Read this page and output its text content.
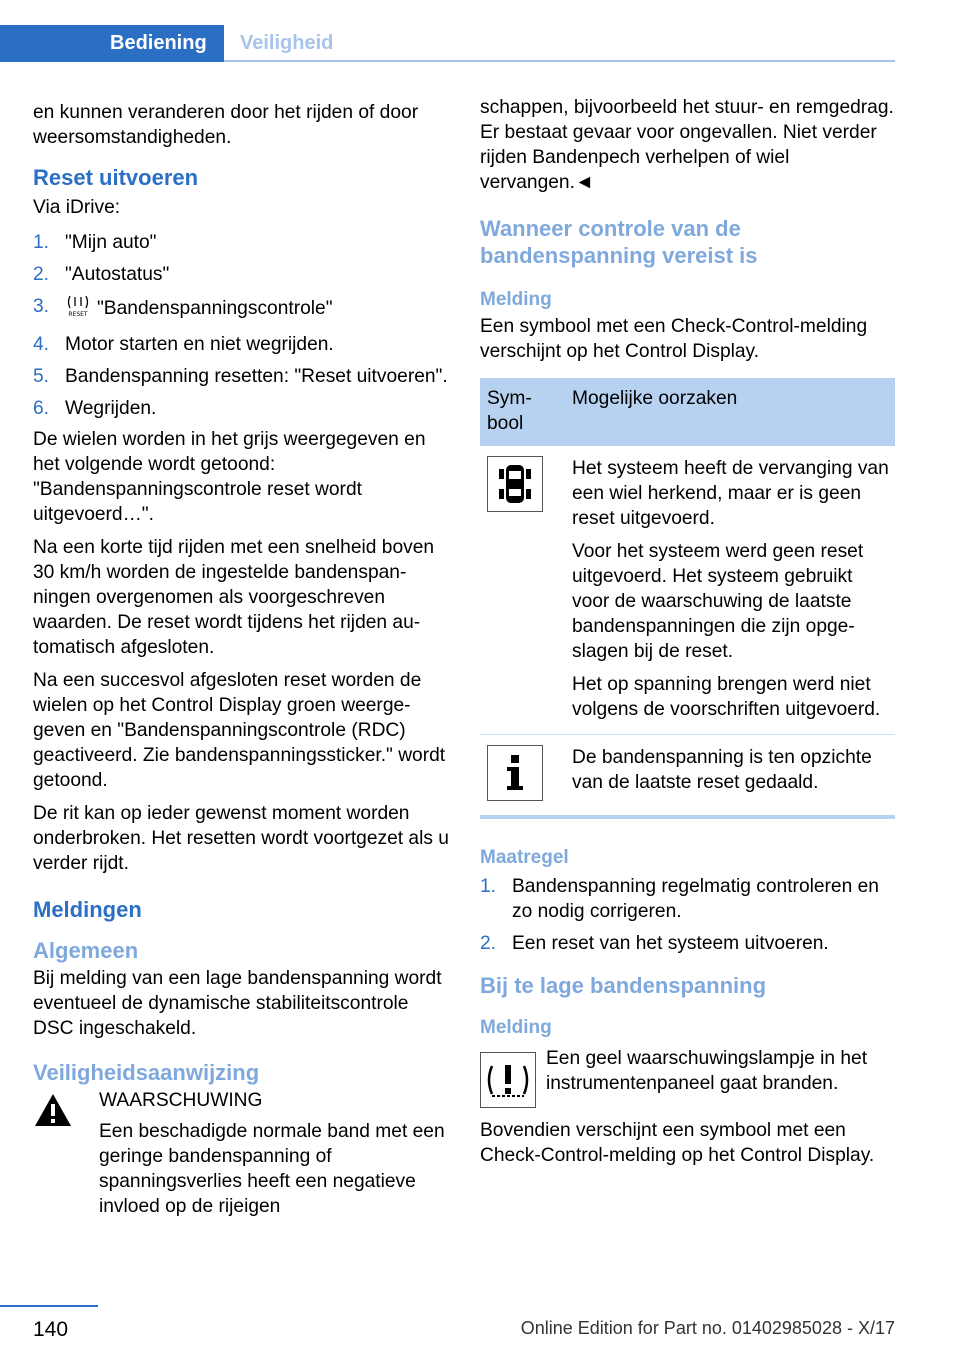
Bediening	Veiligheid

en kunnen veranderen door het rijden of door weersomstandigheden.

Reset uitvoeren

Via iDrive:

1. "Mijn auto"
2. "Autostatus"
3.	RESET "Bandenspanningscontrole"
4. Motor starten en niet wegrijden.
5. Bandenspanning resetten: "Reset uitvoeren".
6. Wegrijden.

De wielen worden in het grijs weergegeven en het volgende wordt getoond: "Bandenspanningscontrole reset wordt uitgevoerd…".

Na een korte tijd rijden met een snelheid boven 30 km/h worden de ingestelde bandenspanningen overgenomen als voorgeschreven waarden. De reset wordt tijdens het rijden automatisch afgesloten.

Na een succesvol afgesloten reset worden de wielen op het Control Display groen weergegeven en "Bandenspanningscontrole (RDC) geactiveerd. Zie bandenspanningssticker." wordt getoond.

De rit kan op ieder gewenst moment worden onderbroken. Het resetten wordt voortgezet als u verder rijdt.

Meldingen
Algemeen

Bij melding van een lage bandenspanning wordt eventueel de dynamische stabiliteitscontrole DSC ingeschakeld.

Veiligheidsaanwijzing
WAARSCHUWING
Een beschadigde normale band met een geringe bandenspanning of spanningsverlies heeft een negatieve invloed op de rijeigen

schappen, bijvoorbeeld het stuur- en remgedrag. Er bestaat gevaar voor ongevallen. Niet verder rijden Bandenpech verhelpen of wiel vervangen.◄

Wanneer controle van de bandenspanning vereist is
Melding

Een symbool met een Check-Control-melding verschijnt op het Control Display.

Symbool	Mogelijke oorzaken

Het systeem heeft de vervanging van een wiel herkend, maar er is geen reset uitgevoerd.

Voor het systeem werd geen reset uitgevoerd. Het systeem gebruikt voor de waarschuwing de laatste bandenspanningen die zijn opgeslagen bij de reset.

Het op spanning brengen werd niet volgens de voorschriften uitgevoerd.

De bandenspanning is ten opzichte van de laatste reset gedaald.

Maatregel
1. Bandenspanning regelmatig controleren en zo nodig corrigeren.
2. Een reset van het systeem uitvoeren.
Bij te lage bandenspanning
Melding

Een geel waarschuwingslampje in het instrumentenpaneel gaat branden.

Bovendien verschijnt een symbool met een Check-Control-melding op het Control Display.

140	Online Edition for Part no. 01402985028 - X/17
